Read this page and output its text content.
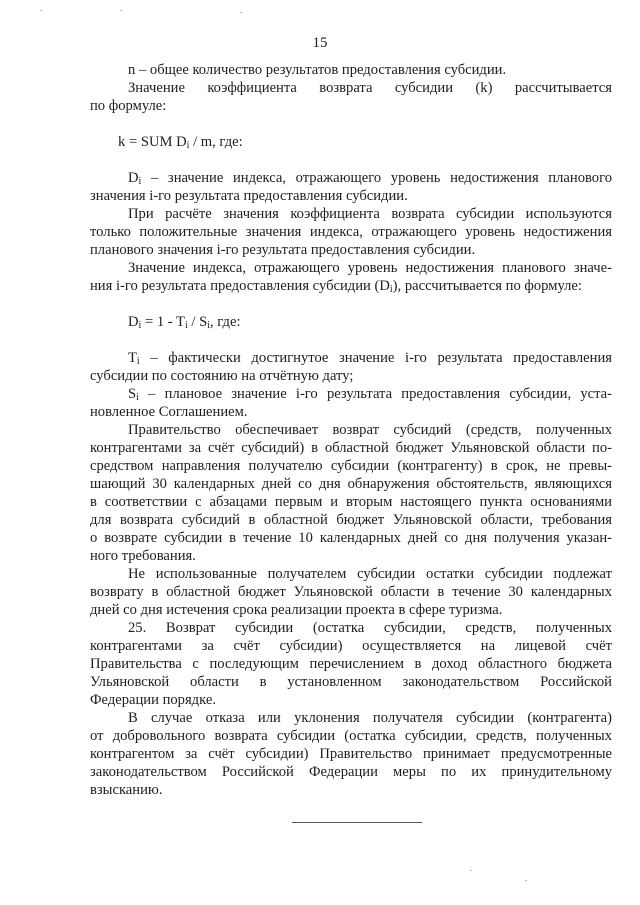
15
n – общее количество результатов предоставления субсидии.
Значение коэффициента возврата субсидии (k) рассчитывается
по формуле:
k = SUM $D_i$ / m, где:
$D_i$ – значение индекса, отражающего уровень недостижения планового
значения i-го результата предоставления субсидии.
При расчёте значения коэффициента возврата субсидии используются
только положительные значения индекса, отражающего уровень недостижения
планового значения i-го результата предоставления субсидии.
Значение индекса, отражающего уровень недостижения планового значе-
ния i-го результата предоставления субсидии $(D_i)$, рассчитывается по формуле:
$D_i = 1 - T_i / S_i$, где:
$T_i$ – фактически достигнутое значение i-го результата предоставления
субсидии по состоянию на отчётную дату;
$S_i$ – плановое значение i-го результата предоставления субсидии, уста-
новленное Соглашением.
Правительство обеспечивает возврат субсидий (средств, полученных
контрагентами за счёт субсидий) в областной бюджет Ульяновской области по-
средством направления получателю субсидии (контрагенту) в срок, не превы-
шающий 30 календарных дней со дня обнаружения обстоятельств, являющихся
в соответствии с абзацами первым и вторым настоящего пункта основаниями
для возврата субсидий в областной бюджет Ульяновской области, требования
о возврате субсидии в течение 10 календарных дней со дня получения указан-
ного требования.
Не использованные получателем субсидии остатки субсидии подлежат
возврату в областной бюджет Ульяновской области в течение 30 календарных
дней со дня истечения срока реализации проекта в сфере туризма.
25. Возврат субсидии (остатка субсидии, средств, полученных
контрагентами за счёт субсидии) осуществляется на лицевой счёт
Правительства с последующим перечислением в доход областного бюджета
Ульяновской области в установленном законодательством Российской
Федерации порядке.
В случае отказа или уклонения получателя субсидии (контрагента)
от добровольного возврата субсидии (остатка субсидии, средств, полученных
контрагентом за счёт субсидии) Правительство принимает предусмотренные
законодательством Российской Федерации меры по их принудительному
взысканию.
